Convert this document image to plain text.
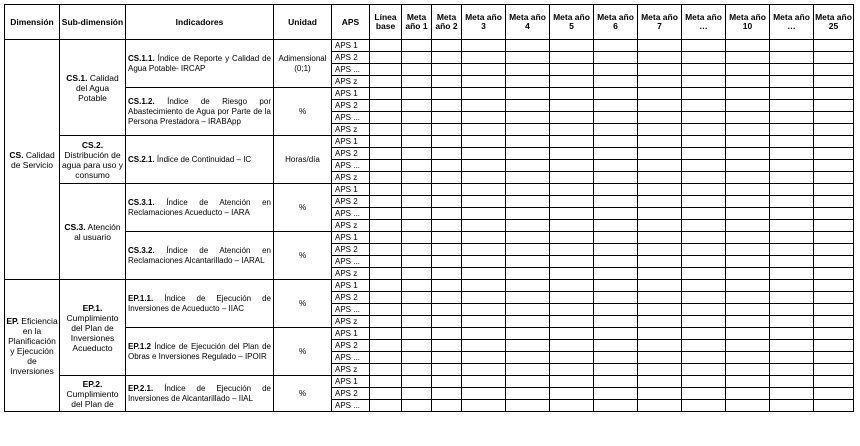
Dimensión	Sub-dimensión	Indicadores	Unidad	APS	Línea base	Meta año 1	Meta año 2	Meta año 3	Meta año 4	Meta año 5	Meta año 6	Meta año 7	Meta año …	Meta año 10	Meta año …	Meta año 25
CS. Calidad de Servicio	CS.1. Calidad del Agua Potable	CS.1.1. Índice de Reporte y Calidad de Agua Potable- IRCAP	Adimensional (0;1)	APS 1												
				APS 2												
				APS ...												
				APS z												
		CS.1.2. Índice de Riesgo por Abastecimiento de Agua por Parte de la Persona Prestadora – IRABApp	%	APS 1												
				APS 2												
				APS ...												
				APS z												
	CS.2. Distribución de agua para uso y consumo	CS.2.1. Índice de Continuidad – IC	Horas/día	APS 1												
				APS 2												
				APS ...												
				APS z												
	CS.3. Atención al usuario	CS.3.1. Índice de Atención en Reclamaciones Acueducto – IARA	%	APS 1												
				APS 2												
				APS ...												
				APS z												
		CS.3.2. Índice de Atención en Reclamaciones Alcantarillado – IARAL	%	APS 1												
				APS 2												
				APS ...												
				APS z												
EP. Eficiencia en la Planificación y Ejecución de Inversiones	EP.1. Cumplimiento del Plan de Inversiones Acueducto	EP.1.1. Índice de Ejecución de Inversiones de Acueducto – IIAC	%	APS 1												
				APS 2												
				APS ...												
				APS z												
		EP.1.2 Índice de Ejecución del Plan de Obras e Inversiones Regulado – IPOIR	%	APS 1												
				APS 2												
				APS ...												
				APS z												
	EP.2. Cumplimiento del Plan de	EP.2.1. Índice de Ejecución de Inversiones de Alcantarillado – IIAL	%	APS 1												
				APS 2												
				APS ...												
